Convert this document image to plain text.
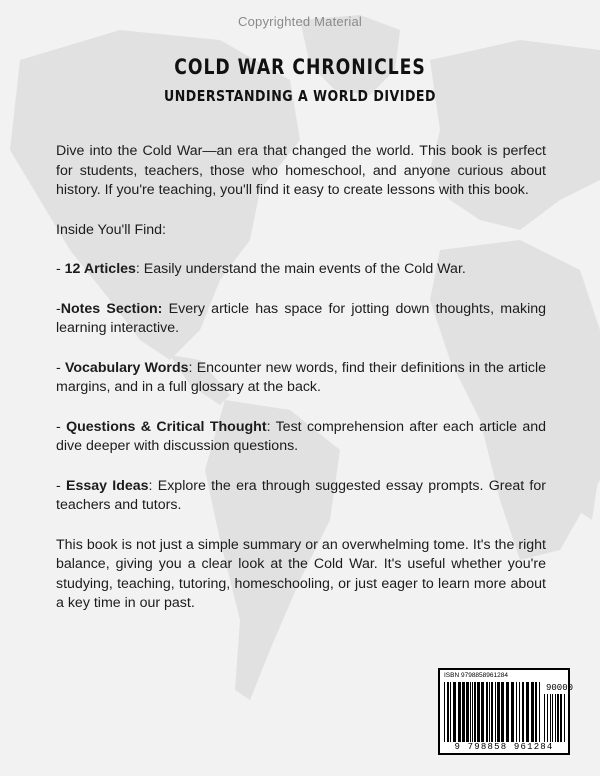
Copyrighted Material
COLD WAR CHRONICLES
UNDERSTANDING A WORLD DIVIDED

Dive into the Cold War—an era that changed the world. This book is perfect for students, teachers, those who homeschool, and anyone curious about history. If you're teaching, you'll find it easy to create lessons with this book.

Inside You'll Find:

- 12 Articles: Easily understand the main events of the Cold War.

-Notes Section: Every article has space for jotting down thoughts, making learning interactive.

- Vocabulary Words: Encounter new words, find their definitions in the article margins, and in a full glossary at the back.

- Questions & Critical Thought: Test comprehension after each article and dive deeper with discussion questions.

- Essay Ideas: Explore the era through suggested essay prompts. Great for teachers and tutors.

This book is not just a simple summary or an overwhelming tome. It's the right balance, giving you a clear look at the Cold War. It's useful whether you're studying, teaching, tutoring, homeschooling, or just eager to learn more about a key time in our past.

ISBN 9798858961284
90000
9 798858 961284
